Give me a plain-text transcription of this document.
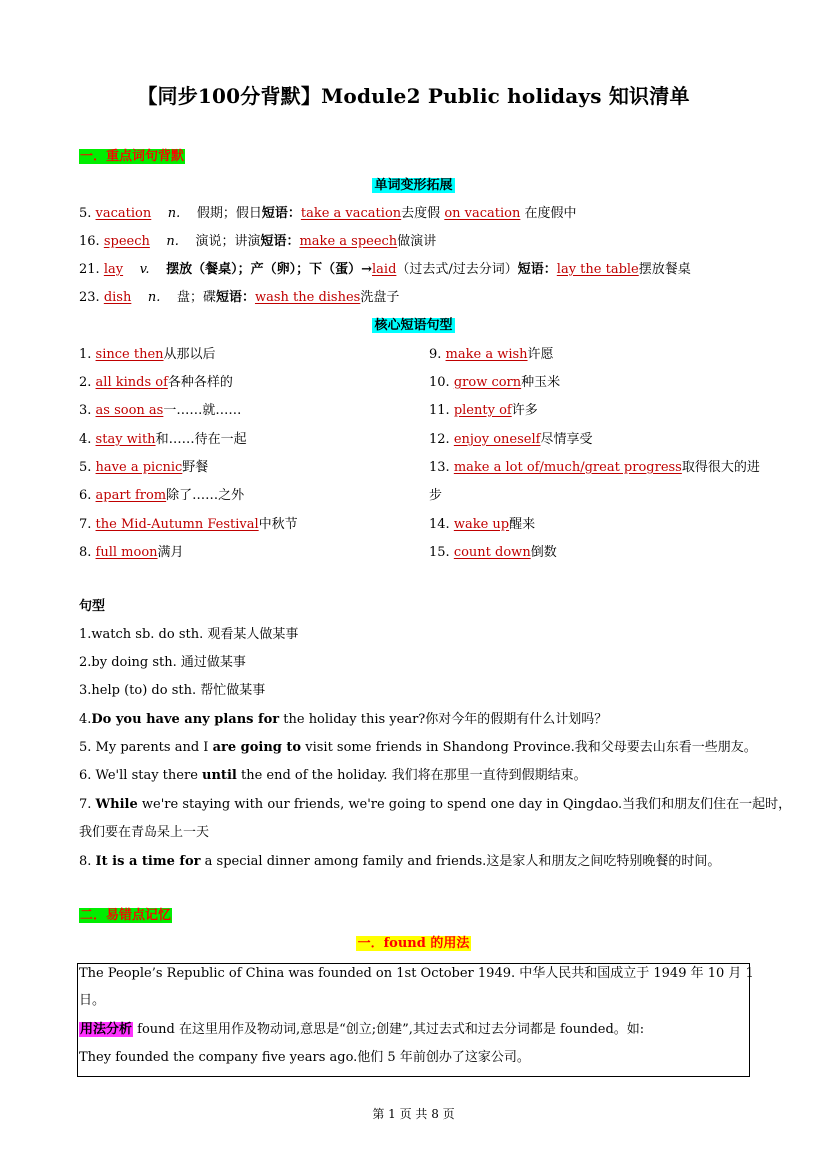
【同步100分背默】Module2 Public holidays 知识清单
一．重点词句背默
单词变形拓展
5. vacation n. 假期；假日短语：take a vacation去度假 on vacation 在度假中
16. speech n. 演说；讲演短语：make a speech做演讲
21. lay v. 摆放（餐桌）；产（卵）；下（蛋）→laid（过去式/过去分词）短语：lay the table摆放餐桌
23. dish n. 盘；碟短语：wash the dishes洗盘子
核心短语句型
1. since then从那以后
2. all kinds of各种各样的
3. as soon as一……就……
4. stay with和……待在一起
5. have a picnic野餐
6. apart from除了……之外
7. the Mid-Autumn Festival中秋节
8. full moon满月
9. make a wish许愿
10. grow corn种玉米
11. plenty of许多
12. enjoy oneself尽情享受
13. make a lot of/much/great progress取得很大的进
步
14. wake up醒来
15. count down倒数
句型
1.watch sb. do sth. 观看某人做某事
2.by doing sth. 通过做某事
3.help (to) do sth. 帮忙做某事
4.Do you have any plans for the holiday this year?你对今年的假期有什么计划吗？
5. My parents and I are going to visit some friends in Shandong Province.我和父母要去山东看一些朋友。
6. We'll stay there until the end of the holiday. 我们将在那里一直待到假期结束。
7. While we're staying with our friends, we're going to spend one day in Qingdao.当我们和朋友们住在一起时，
我们要在青岛呆上一天
8. It is a time for a special dinner among family and friends.这是家人和朋友之间吃特别晚餐的时间。
二．易错点记忆
一．found 的用法
The People’s Republic of China was founded on 1st October 1949. 中华人民共和国成立于 1949 年 10 月 1
日。
用法分析 found 在这里用作及物动词,意思是“创立;创建”,其过去式和过去分词都是 founded。如:
They founded the company five years ago.他们 5 年前创办了这家公司。
第 1 页 共 8 页
